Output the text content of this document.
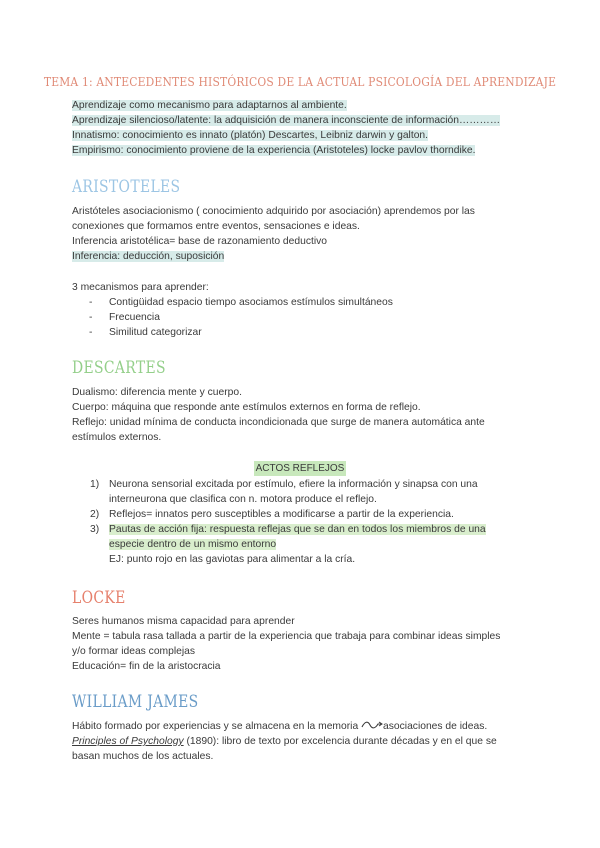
TEMA 1: ANTECEDENTES HISTÓRICOS DE LA ACTUAL PSICOLOGÍA DEL APRENDIZAJE
Aprendizaje como mecanismo para adaptarnos al ambiente.
Aprendizaje silencioso/latente: la adquisición de manera inconsciente de información…………
Innatismo: conocimiento es innato (platón) Descartes, Leibniz darwin y galton.
Empirismo: conocimiento proviene de la experiencia (Aristoteles) locke pavlov thorndike.
ARISTOTELES
Aristóteles asociacionismo ( conocimiento adquirido por asociación) aprendemos por las
conexiones que formamos entre eventos, sensaciones e ideas.
Inferencia aristotélica= base de razonamiento deductivo
Inferencia: deducción, suposición
3 mecanismos para aprender:
- Contigüidad espacio tiempo asociamos estímulos simultáneos
- Frecuencia
- Similitud categorizar
DESCARTES
Dualismo: diferencia mente y cuerpo.
Cuerpo: máquina que responde ante estímulos externos en forma de reflejo.
Reflejo: unidad mínima de conducta incondicionada que surge de manera automática ante
estímulos externos.
ACTOS REFLEJOS
1) Neurona sensorial excitada por estímulo, efiere la información y sinapsa con una
interneurona que clasifica con n. motora produce el reflejo.
2) Reflejos= innatos pero susceptibles a modificarse a partir de la experiencia.
3) Pautas de acción fija: respuesta reflejas que se dan en todos los miembros de una
especie dentro de un mismo entorno
EJ: punto rojo en las gaviotas para alimentar a la cría.
LOCKE
Seres humanos misma capacidad para aprender
Mente = tabula rasa tallada a partir de la experiencia que trabaja para combinar ideas simples
y/o formar ideas complejas
Educación= fin de la aristocracia
WILLIAM JAMES
Hábito formado por experiencias y se almacena en la memoria asociaciones de ideas.
Principles of Psychology (1890): libro de texto por excelencia durante décadas y en el que se
basan muchos de los actuales.
